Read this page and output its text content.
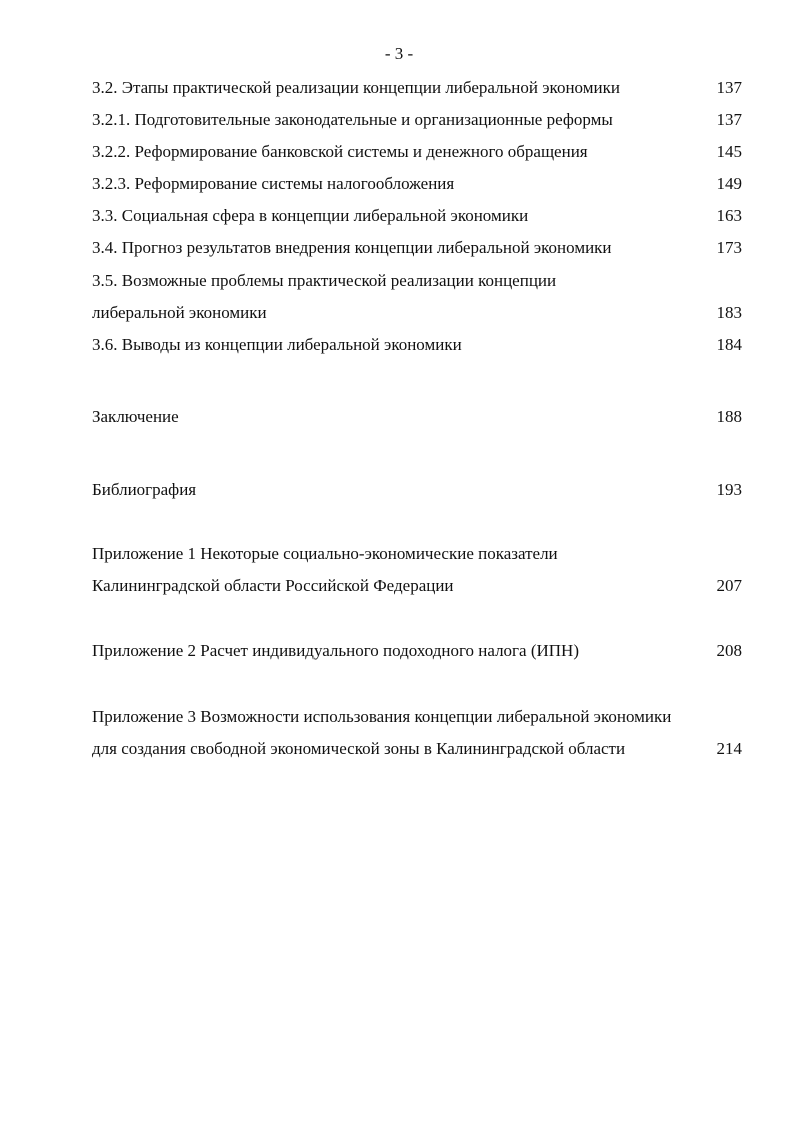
- 3 -
3.2. Этапы практической реализации концепции либеральной экономики	137
3.2.1. Подготовительные законодательные и организационные реформы	137
3.2.2. Реформирование банковской системы и денежного обращения	145
3.2.3. Реформирование системы налогообложения	149
3.3. Социальная сфера в концепции либеральной экономики	163
3.4. Прогноз результатов внедрения концепции либеральной экономики	173
3.5. Возможные проблемы практической реализации концепции
либеральной экономики	183
3.6. Выводы из концепции либеральной экономики	184
Заключение	188
Библиография	193
Приложение 1 Некоторые социально-экономические показатели
Калининградской области Российской Федерации	207
Приложение 2 Расчет индивидуального подоходного налога (ИПН)	208
Приложение 3 Возможности использования концепции либеральной экономики
для создания свободной экономической зоны в Калининградской области	214
